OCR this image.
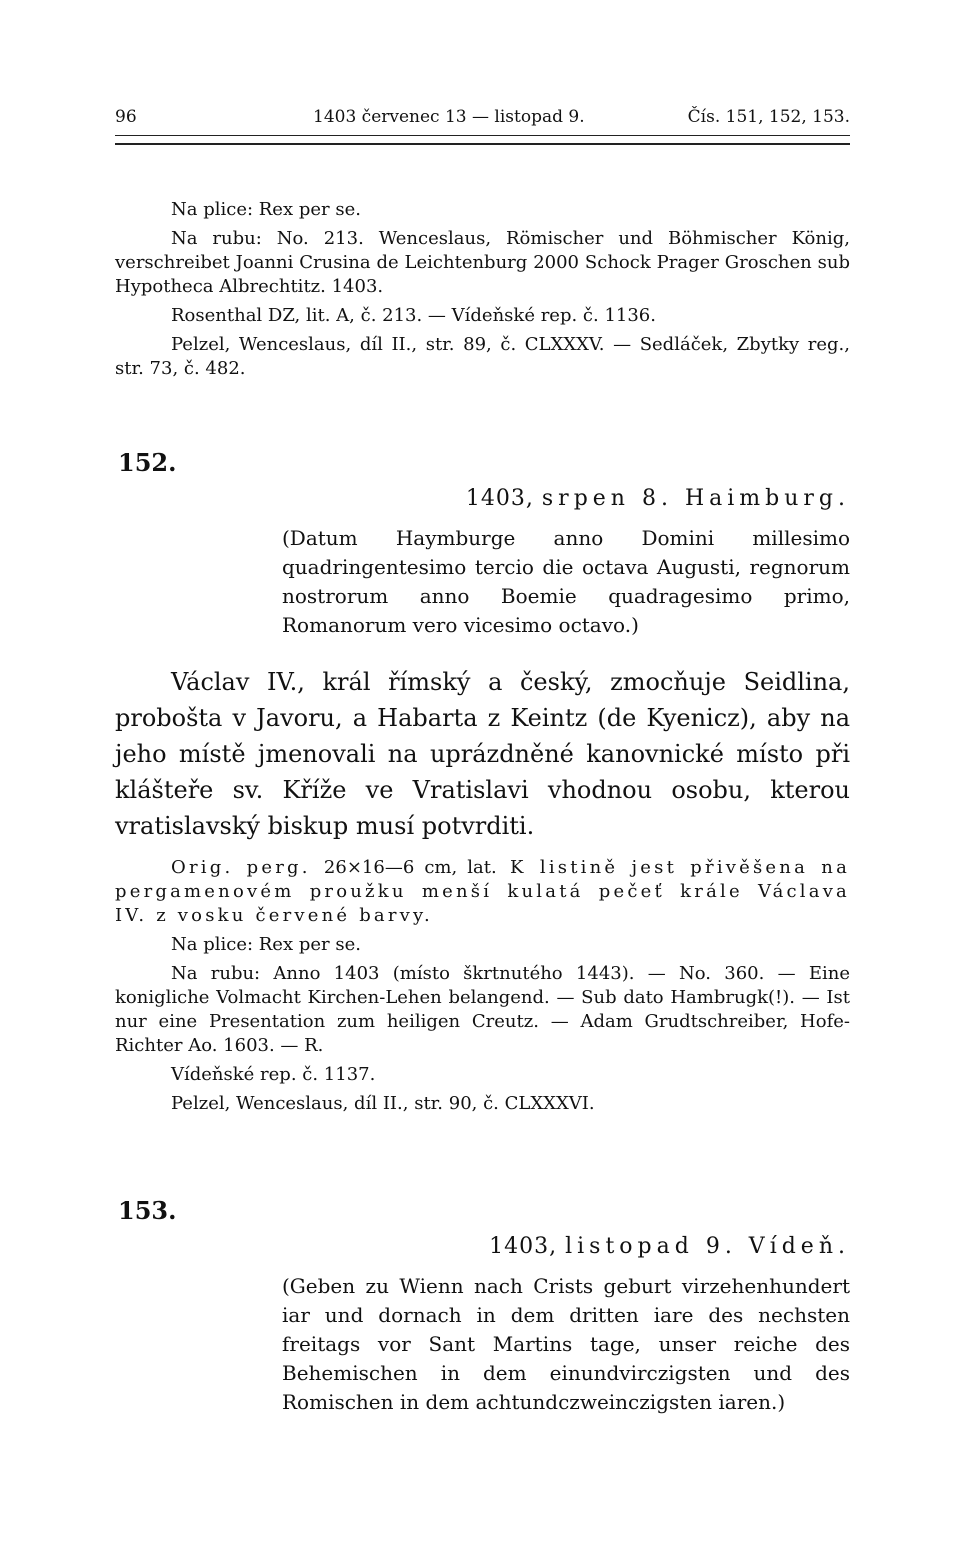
96	1403 červenec 13 — listopad 9.	Čís. 151, 152, 153.

Na plice: Rex per se.

Na rubu: No. 213. Wenceslaus, Römischer und Böhmischer König, verschreibet Joanni Crusina de Leichtenburg 2000 Schock Prager Groschen sub Hypotheca Albrechtitz. 1403.

Rosenthal DZ, lit. A, č. 213. — Vídeňské rep. č. 1136.

Pelzel, Wenceslaus, díl II., str. 89, č. CLXXXV. — Sedláček, Zbytky reg., str. 73, č. 482.

152.
1403, srpen 8. Haimburg.

(Datum Haymburge anno Domini millesimo quadringentesimo tercio die octava Augusti, regnorum nostrorum anno Boemie quadragesimo primo, Romanorum vero vicesimo octavo.)

Václav IV., král římský a český, zmocňuje Seidlina, probošta v Javoru, a Habarta z Keintz (de Kyenicz), aby na jeho místě jmenovali na uprázdněné kanovnické místo při klášteře sv. Kříže ve Vratislavi vhodnou osobu, kterou vratislavský biskup musí potvrditi.

Orig. perg. 26×16—6 cm, lat. K listině jest přivěšena na pergamenovém proužku menší kulatá pečeť krále Václava IV. z vosku červené barvy.

Na plice: Rex per se.

Na rubu: Anno 1403 (místo škrtnutého 1443). — No. 360. — Eine konigliche Volmacht Kirchen-Lehen belangend. — Sub dato Hambrugk(!). — Ist nur eine Presentation zum heiligen Creutz. — Adam Grudtschreiber, Hofe-Richter Ao. 1603. — R.

Vídeňské rep. č. 1137.

Pelzel, Wenceslaus, díl II., str. 90, č. CLXXXVI.

153.
1403, listopad 9. Vídeň.

(Geben zu Wienn nach Crists geburt virzehenhundert iar und dornach in dem dritten iare des nechsten freitags vor Sant Martins tage, unser reiche des Behemischen in dem einundvirczigsten und des Romischen in dem achtundczweinczigsten iaren.)
